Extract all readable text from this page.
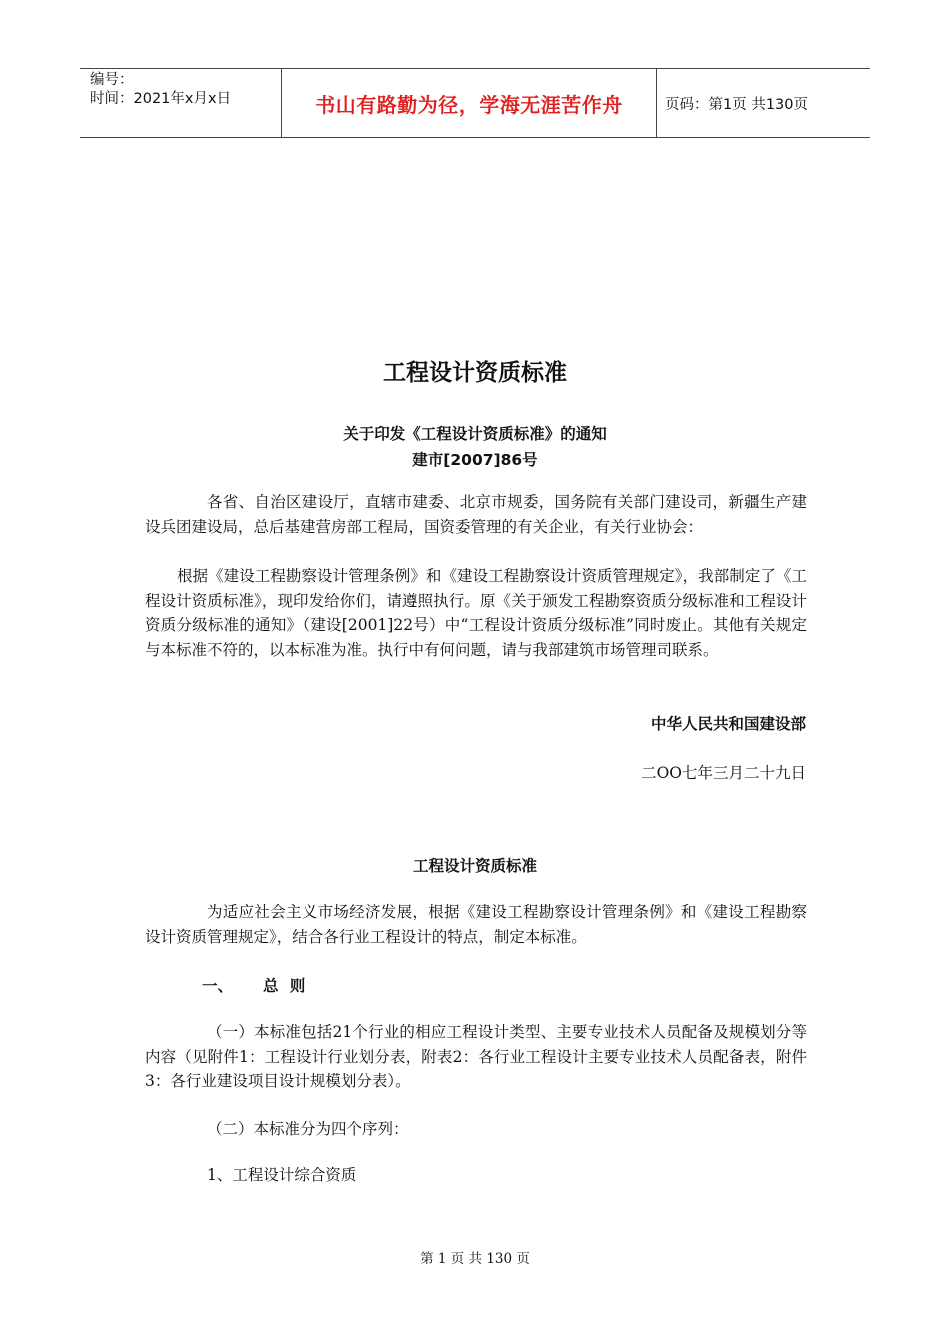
编号：
时间：2021年x月x日	书山有路勤为径，学海无涯苦作舟	页码：第1页 共130页
工程设计资质标准
关于印发《工程设计资质标准》的通知
建市[2007]86号
各省、自治区建设厅，直辖市建委、北京市规委，国务院有关部门建设司，新疆生产建设兵团建设局，总后基建营房部工程局，国资委管理的有关企业，有关行业协会：
根据《建设工程勘察设计管理条例》和《建设工程勘察设计资质管理规定》，我部制定了《工程设计资质标准》，现印发给你们，请遵照执行。原《关于颁发工程勘察资质分级标准和工程设计资质分级标准的通知》（建设[2001]22号）中“工程设计资质分级标准”同时废止。其他有关规定与本标准不符的，以本标准为准。执行中有何问题，请与我部建筑市场管理司联系。
中华人民共和国建设部
二OO七年三月二十九日
工程设计资质标准
为适应社会主义市场经济发展，根据《建设工程勘察设计管理条例》和《建设工程勘察设计资质管理规定》，结合各行业工程设计的特点，制定本标准。
一、 总 则
（一）本标准包括21个行业的相应工程设计类型、主要专业技术人员配备及规模划分等内容（见附件1：工程设计行业划分表，附表2：各行业工程设计主要专业技术人员配备表，附件3：各行业建设项目设计规模划分表）。
（二）本标准分为四个序列：
1、工程设计综合资质
第 1 页 共 130 页
